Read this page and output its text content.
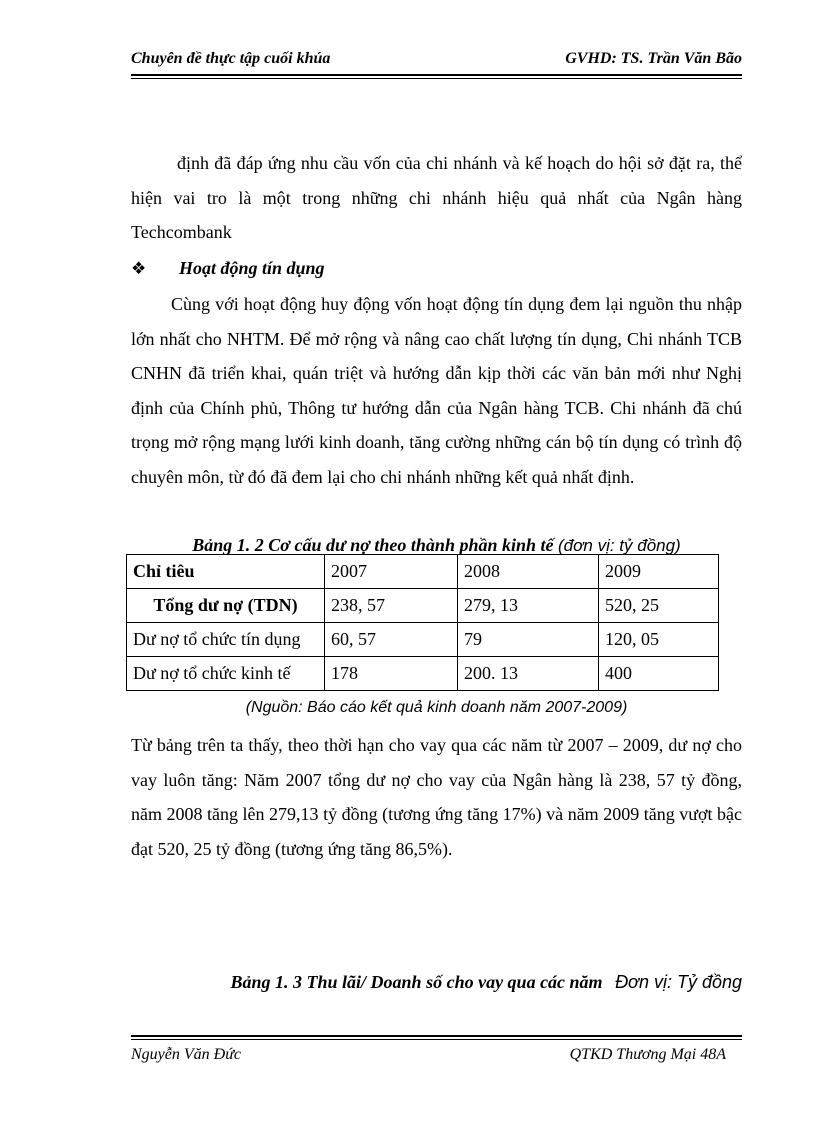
Chuyên đề thực tập cuối khúa	GVHD: TS. Trần Văn Bão
định đã đáp ứng nhu cầu vốn của chi nhánh và kế hoạch do hội sở đặt ra, thể hiện vai tro là một trong những chi nhánh hiệu quả nhất của Ngân hàng Techcombank
❖	Hoạt động tín dụng
Cùng với hoạt động huy động vốn hoạt động tín dụng đem lại nguồn thu nhập lớn nhất cho NHTM. Để mở rộng và nâng cao chất lượng tín dụng, Chi nhánh TCB CNHN đã triển khai, quán triệt và hướng dẫn kịp thời các văn bản mới như Nghị định của Chính phủ, Thông tư hướng dẫn của Ngân hàng TCB. Chi nhánh đã chú trọng mở rộng mạng lưới kinh doanh, tăng cường những cán bộ tín dụng có trình độ chuyên môn, từ đó đã đem lại cho chi nhánh những kết quả nhất định.
Bảng 1. 2 Cơ cấu dư nợ theo thành phần kinh tế (đơn vị: tỷ đồng)
Chỉ tiêu	2007	2008	2009
Tổng dư nợ (TDN)	238, 57	279, 13	520, 25
Dư nợ tổ chức tín dụng	60, 57	79	120, 05
Dư nợ tổ chức kinh tế	178	200. 13	400
(Nguồn: Báo cáo kết quả kinh doanh năm 2007-2009)
Từ bảng trên ta thấy, theo thời hạn cho vay qua các năm từ 2007 – 2009, dư nợ cho vay luôn tăng: Năm 2007 tổng dư nợ cho vay của Ngân hàng là 238, 57 tỷ đồng, năm 2008 tăng lên 279,13 tỷ đồng (tương ứng tăng 17%) và năm 2009 tăng vượt bậc đạt 520, 25 tỷ đồng (tương ứng tăng 86,5%).
Bảng 1. 3 Thu lãi/ Doanh số cho vay qua các năm Đơn vị: Tỷ đồng
Nguyễn Văn Đức	QTKD Thương Mại 48A
